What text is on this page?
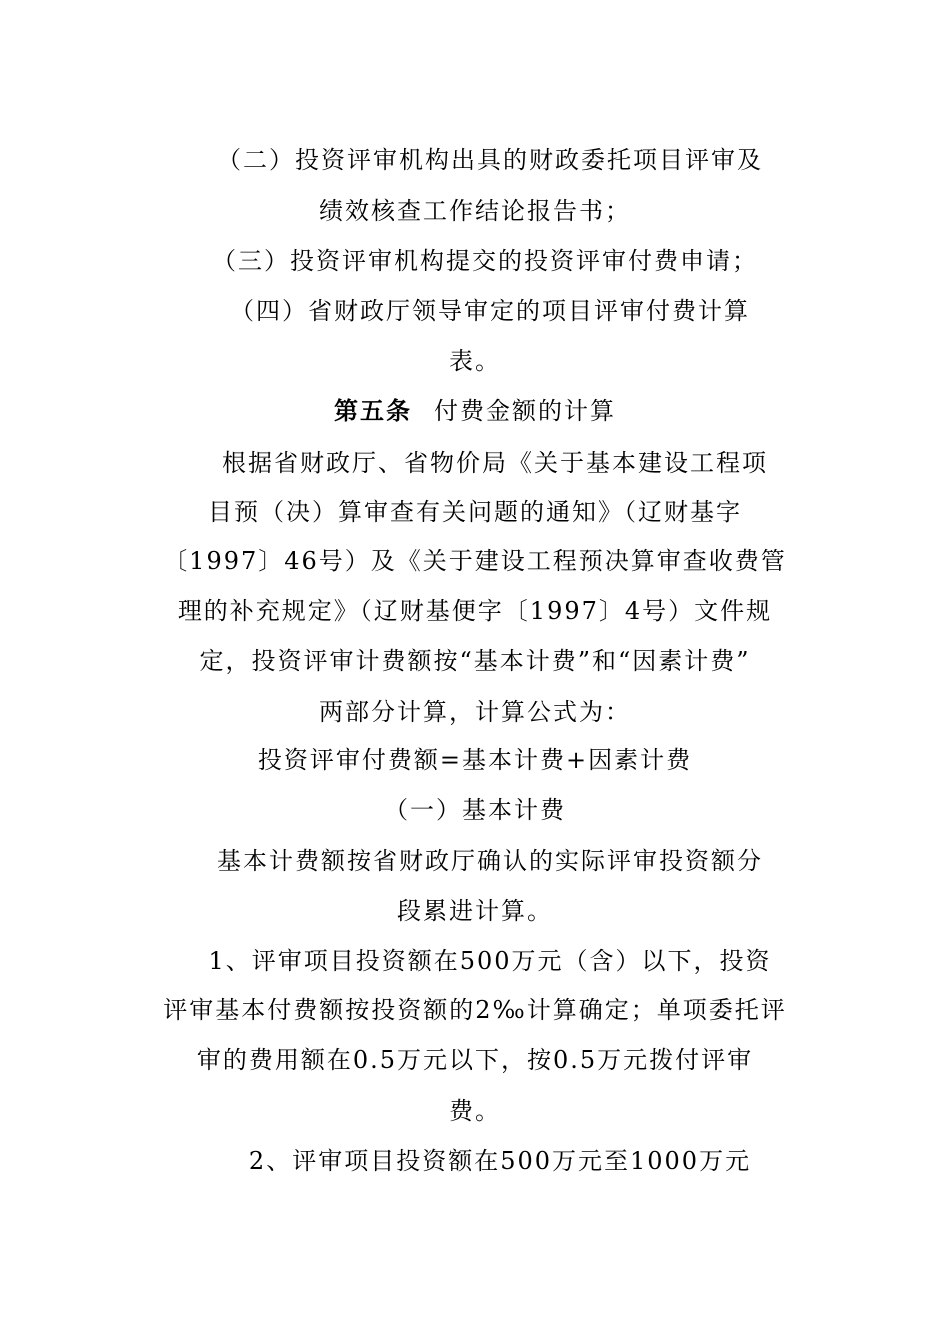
（二）投资评审机构出具的财政委托项目评审及
绩效核查工作结论报告书；
（三）投资评审机构提交的投资评审付费申请；
（四）省财政厅领导审定的项目评审付费计算
表。
第五条 付费金额的计算
根据省财政厅、省物价局《关于基本建设工程项
目预（决）算审查有关问题的通知》（辽财基字
〔1997〕46号）及《关于建设工程预决算审查收费管
理的补充规定》（辽财基便字〔1997〕4号）文件规
定，投资评审计费额按“基本计费”和“因素计费”
两部分计算，计算公式为：
投资评审付费额=基本计费+因素计费
（一）基本计费
基本计费额按省财政厅确认的实际评审投资额分
段累进计算。
1、评审项目投资额在500万元（含）以下，投资
评审基本付费额按投资额的2‰计算确定；单项委托评
审的费用额在0.5万元以下，按0.5万元拨付评审
费。
2、评审项目投资额在500万元至1000万元
